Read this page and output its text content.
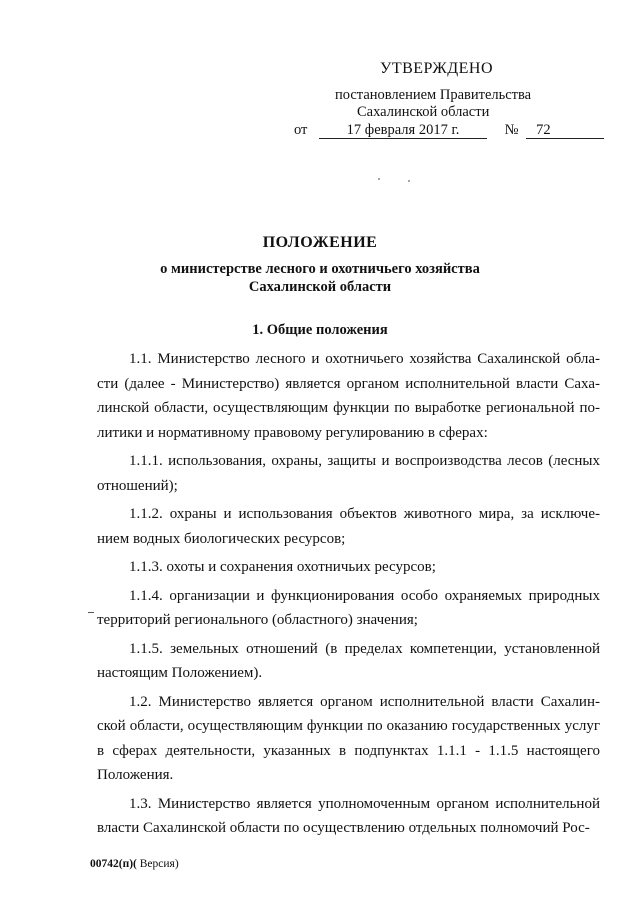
УТВЕРЖДЕНО
постановлением Правительства
Сахалинской области
от	17 февраля 2017 г.	№ 72
ПОЛОЖЕНИЕ
о министерстве лесного и охотничьего хозяйства
Сахалинской области
1. Общие положения

1.1. Министерство лесного и охотничьего хозяйства Сахалинской области (далее - Министерство) является органом исполнительной власти Сахалинской области, осуществляющим функции по выработке региональной политики и нормативному правовому регулированию в сферах:

1.1.1. использования, охраны, защиты и воспроизводства лесов (лесных отношений);

1.1.2. охраны и использования объектов животного мира, за исключением водных биологических ресурсов;

1.1.3. охоты и сохранения охотничьих ресурсов;

1.1.4. организации и функционирования особо охраняемых природных территорий регионального (областного) значения;

1.1.5. земельных отношений (в пределах компетенции, установленной настоящим Положением).

1.2. Министерство является органом исполнительной власти Сахалинской области, осуществляющим функции по оказанию государственных услуг в сферах деятельности, указанных в подпунктах 1.1.1 - 1.1.5 настоящего Положения.

1.3. Министерство является уполномоченным органом исполнительной власти Сахалинской области по осуществлению отдельных полномочий Рос-

00742(п)( Версия)
